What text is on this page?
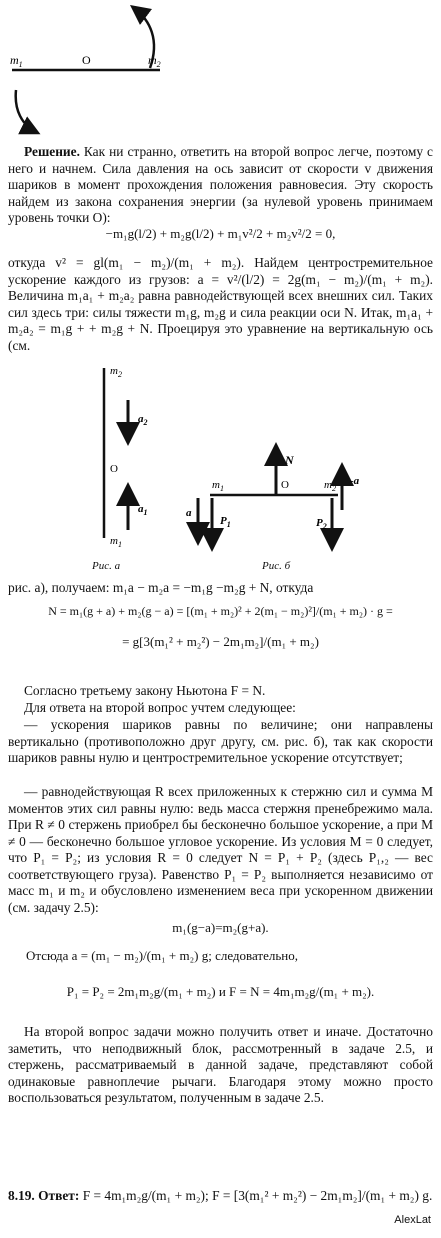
$m_1$	O	$m_2$

Решение. Как ни странно, ответить на второй вопрос легче, поэтому с него и начнем. Сила давления на ось зависит от скорости v движения шариков в момент прохождения положения равновесия. Эту скорость найдем из закона сохранения энергии (за нулевой уровень принимаем уровень точки O):

−m₁g(l/2) + m₂g(l/2) + m₁v²/2 + m₂v²/2 = 0,

откуда v² = gl(m₁ − m₂)/(m₁ + m₂). Найдем центростремительное ускорение каждого из грузов: a = v²/(l/2) = 2g(m₁ − m₂)/(m₁ + m₂). Величина m₁a₁ + m₂a₂ равна равнодействующей всех внешних сил. Таких сил здесь три: силы тяжести m₁g, m₂g и сила реакции оси N. Итак, m₁a₁ + m₂a₂ = m₁g + + m₂g + N. Проецируя это уравнение на вертикальную ось (см.

$m_2$
$a_2$
O
$a_1$
$m_1$
N
$m_1$	O	$m_2$
-a
a
$P_1$	$P_2$
Рис. а	Рис. б

рис. а), получаем: m₁a − m₂a = −m₁g −m₂g + N, откуда

N = m₁(g + a) + m₂(g − a) = [(m₁ + m₂)² + 2(m₁ − m₂)²]/(m₁ + m₂) · g =
= g[3(m₁² + m₂²) − 2m₁m₂]/(m₁ + m₂)

Согласно третьему закону Ньютона F = N.

Для ответа на второй вопрос учтем следующее:

— ускорения шариков равны по величине; они направлены вертикально (противоположно друг другу, см. рис. б), так как скорости шариков равны нулю и центростремительное ускорение отсутствует;

— равнодействующая R всех приложенных к стержню сил и сумма M моментов этих сил равны нулю: ведь масса стержня пренебрежимо мала. При R ≠ 0 стержень приобрел бы бесконечно большое ускорение, а при M ≠ 0 — бесконечно большое угловое ускорение. Из условия M = 0 следует, что P₁ = P₂; из условия R = 0 следует N = P₁ + P₂ (здесь P₁,₂ — вес соответствующего груза). Равенство P₁ = P₂ выполняется независимо от масс m₁ и m₂ и обусловлено изменением веса при ускоренном движении (см. задачу 2.5):

m₁(g−a)=m₂(g+a).
Отсюда a = (m₁ − m₂)/(m₁ + m₂) g; следовательно,
P₁ = P₂ = 2m₁m₂g/(m₁ + m₂) и F = N = 4m₁m₂g/(m₁ + m₂).

На второй вопрос задачи можно получить ответ и иначе. Достаточно заметить, что неподвижный блок, рассмотренный в задаче 2.5, и стержень, рассматриваемый в данной задаче, представляют собой одинаковые равноплечие рычаги. Благодаря этому можно просто воспользоваться результатом, полученным в задаче 2.5.

8.19. Ответ: F = 4m₁m₂g/(m₁ + m₂); F = [3(m₁² + m₂²) − 2m₁m₂]/(m₁ + m₂) g.
AlexLat
